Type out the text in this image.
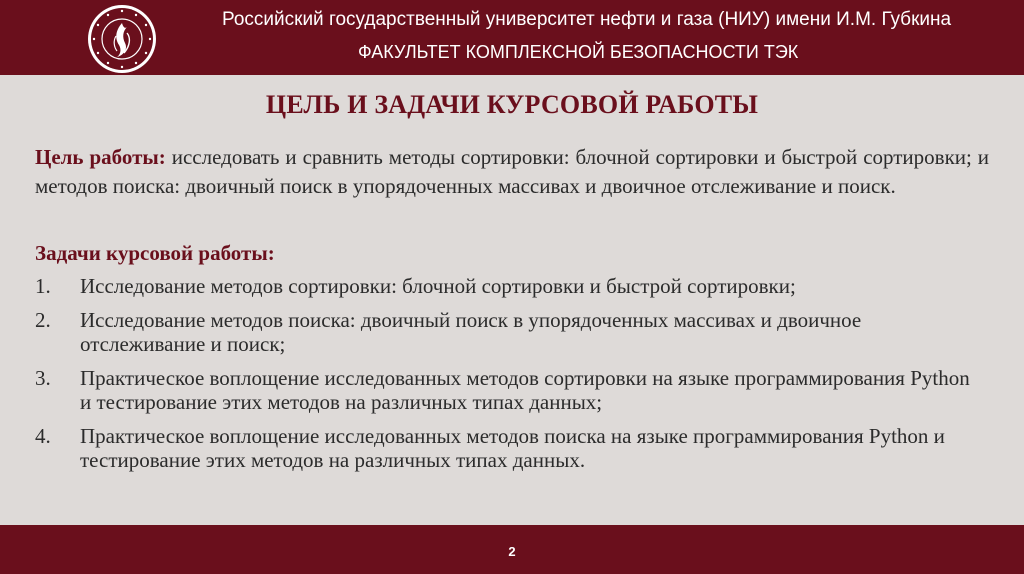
Российский государственный университет нефти и газа (НИУ) имени И.М. Губкина
ФАКУЛЬТЕТ КОМПЛЕКСНОЙ БЕЗОПАСНОСТИ ТЭК
ЦЕЛЬ И ЗАДАЧИ КУРСОВОЙ РАБОТЫ
Цель работы: исследовать и сравнить методы сортировки: блочной сортировки и быстрой сортировки; и методов поиска: двоичный поиск в упорядоченных массивах и двоичное отслеживание и поиск.
Задачи курсовой работы:
1. Исследование методов сортировки: блочной сортировки и быстрой сортировки;
2. Исследование методов поиска: двоичный поиск в упорядоченных массивах и двоичное отслеживание и поиск;
3. Практическое воплощение исследованных методов сортировки на языке программирования Python и тестирование этих методов на различных типах данных;
4. Практическое воплощение исследованных методов поиска на языке программирования Python и тестирование этих методов на различных типах данных.
2
